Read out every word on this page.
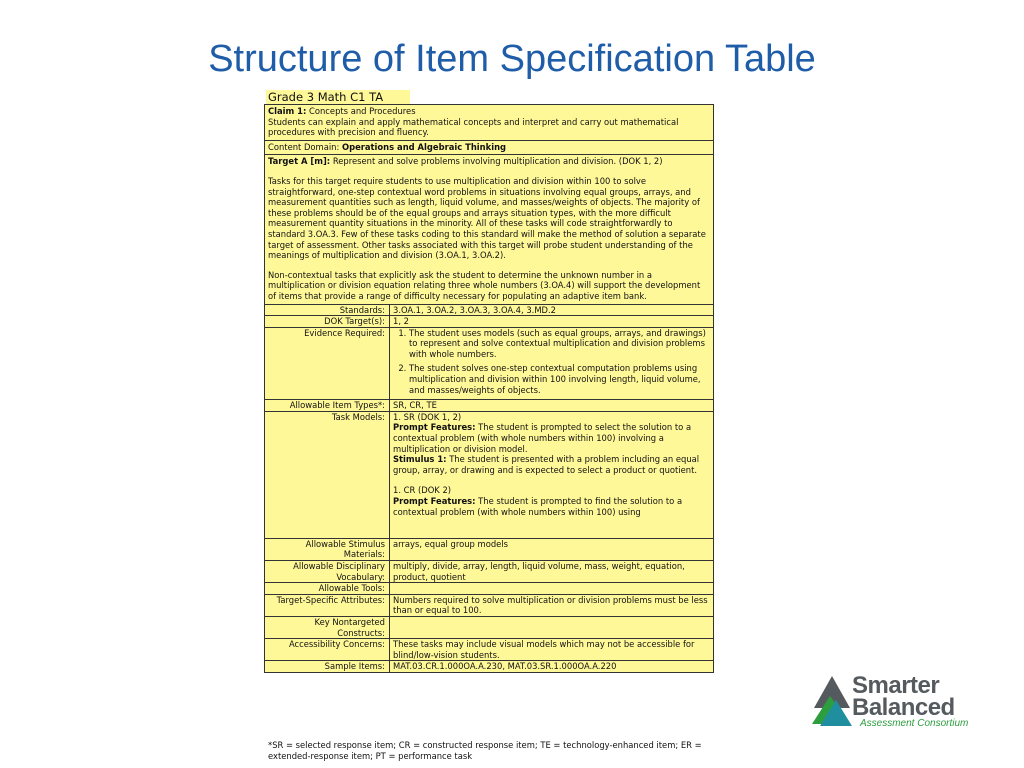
Structure of Item Specification Table
Grade 3 Math C1 TA
Claim 1: Concepts and Procedures
Students can explain and apply mathematical concepts and interpret and carry out mathematical procedures with precision and fluency.
Content Domain: Operations and Algebraic Thinking
Target A [m]: Represent and solve problems involving multiplication and division. (DOK 1, 2)

Tasks for this target require students to use multiplication and division within 100 to solve straightforward, one-step contextual word problems in situations involving equal groups, arrays, and measurement quantities such as length, liquid volume, and masses/weights of objects. The majority of these problems should be of the equal groups and arrays situation types, with the more difficult measurement quantity situations in the minority. All of these tasks will code straightforwardly to standard 3.OA.3. Few of these tasks coding to this standard will make the method of solution a separate target of assessment. Other tasks associated with this target will probe student understanding of the meanings of multiplication and division (3.OA.1, 3.OA.2).

Non-contextual tasks that explicitly ask the student to determine the unknown number in a multiplication or division equation relating three whole numbers (3.OA.4) will support the development of items that provide a range of difficulty necessary for populating an adaptive item bank.

Standards: 3.OA.1, 3.OA.2, 3.OA.3, 3.OA.4, 3.MD.2
DOK Target(s): 1, 2
Evidence Required:
1.	The student uses models (such as equal groups, arrays, and drawings) to represent and solve contextual multiplication and division problems with whole numbers.
2. The student solves one-step contextual computation problems using multiplication and division within 100 involving length, liquid volume, and masses/weights of objects.
Allowable Item Types*: SR, CR, TE
Task Models: 1. SR (DOK 1, 2)
Prompt Features: The student is prompted to select the solution to a contextual problem (with whole numbers within 100) involving a multiplication or division model.
Stimulus 1: The student is presented with a problem including an equal group, array, or drawing and is expected to select a product or quotient.
1. CR (DOK 2)
Prompt Features: The student is prompted to find the solution to a contextual problem (with whole numbers within 100) using
Allowable Stimulus Materials:
arrays, equal group models
Allowable Disciplinary Vocabulary:
multiply, divide, array, length, liquid volume, mass, weight, equation, product, quotient
Allowable Tools:
Target-Specific Attributes: Numbers required to solve multiplication or division problems must be less than or equal to 100.
Key Nontargeted Constructs:
Accessibility Concerns: These tasks may include visual models which may not be accessible for blind/low-vision students.
Sample Items: MAT.03.CR.1.000OA.A.230, MAT.03.SR.1.000OA.A.220
*SR = selected response item; CR = constructed response item; TE = technology-enhanced item; ER = extended-response item; PT = performance task
Smarter
Balanced
Assessment Consortium
